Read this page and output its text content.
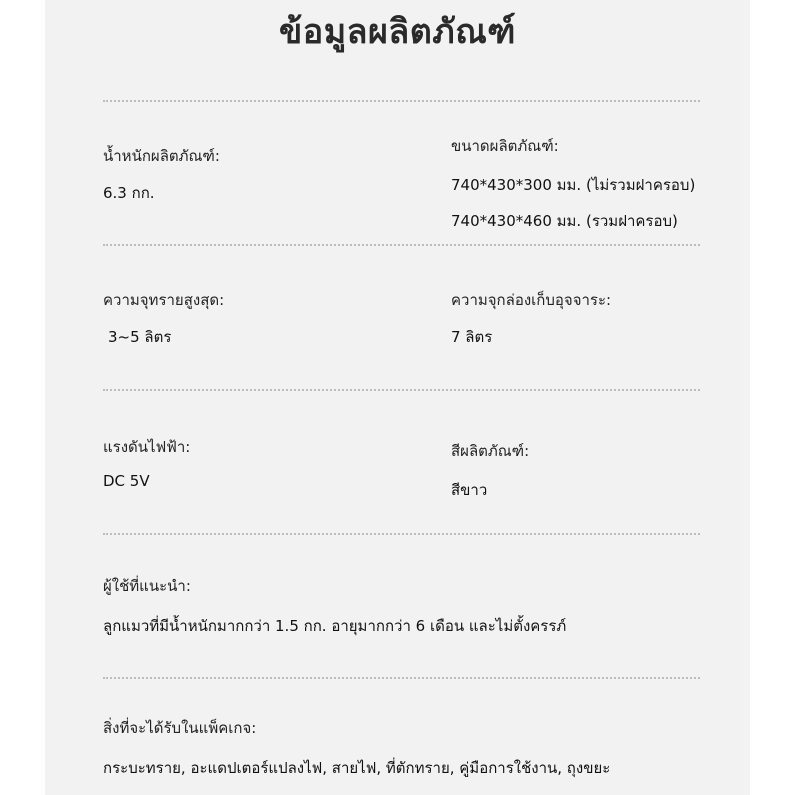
ข้อมูลผลิตภัณฑ์
น้ำหนักผลิตภัณฑ์:
6.3 กก.
ขนาดผลิตภัณฑ์:
740*430*300 มม. (ไม่รวมฝาครอบ)
740*430*460 มม. (รวมฝาครอบ)
ความจุทรายสูงสุด:
3~5 ลิตร
ความจุกล่องเก็บอุจจาระ:
7 ลิตร
แรงดันไฟฟ้า:
DC 5V
สีผลิตภัณฑ์:
สีขาว
ผู้ใช้ที่แนะนำ:
ลูกแมวที่มีน้ำหนักมากกว่า 1.5 กก. อายุมากกว่า 6 เดือน และไม่ตั้งครรภ์
สิ่งที่จะได้รับในแพ็คเกจ:
กระบะทราย, อะแดปเตอร์แปลงไฟ, สายไฟ, ที่ตักทราย, คู่มือการใช้งาน, ถุงขยะ
